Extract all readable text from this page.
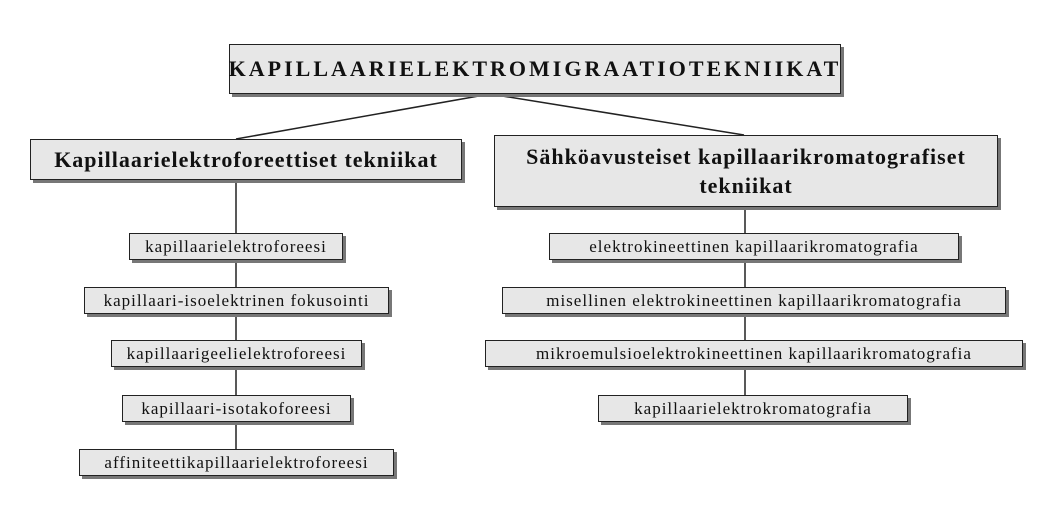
KAPILLAARIELEKTROMIGRAATIOTEKNIIKAT
Kapillaarielektroforeettiset tekniikat	Sähköavusteiset kapillaarikromatografiset tekniikat
kapillaarielektroforeesi
kapillaari-isoelektrinen fokusointi
kapillaarigeelielektroforeesi
kapillaari-isotakoforeesi
affiniteettikapillaarielektroforeesi
elektrokineettinen kapillaarikromatografia
misellinen elektrokineettinen kapillaarikromatografia
mikroemulsioelektrokineettinen kapillaarikromatografia
kapillaarielektrokromatografia
